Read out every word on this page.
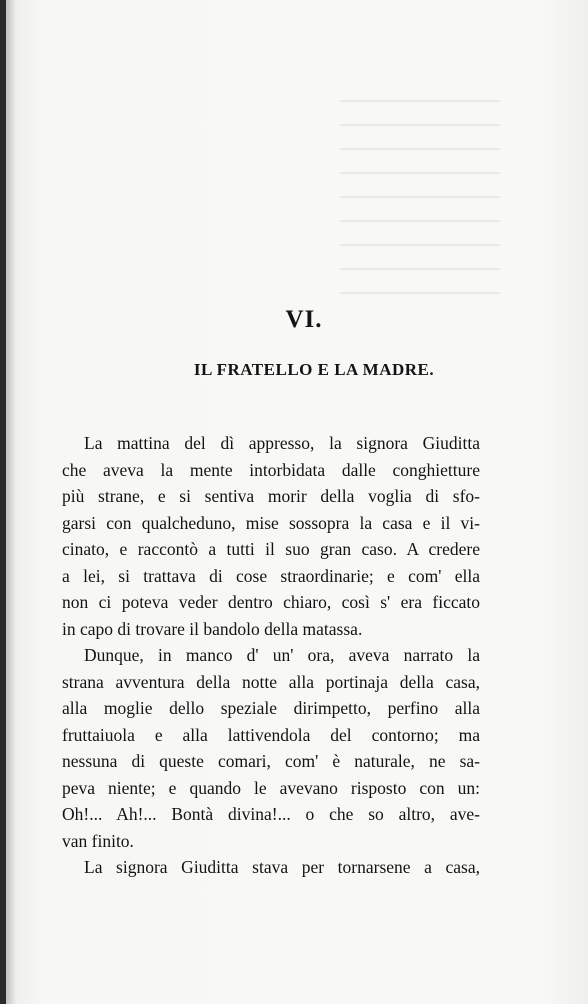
VI.
IL FRATELLO E LA MADRE.

La mattina del dì appresso, la signora Giuditta
che aveva la mente intorbidata dalle conghietture
più strane, e si sentiva morir della voglia di sfo-
garsi con qualcheduno, mise sossopra la casa e il vi-
cinato, e raccontò a tutti il suo gran caso. A credere
a lei, si trattava di cose straordinarie; e com' ella
non ci poteva veder dentro chiaro, così s' era ficcato
in capo di trovare il bandolo della matassa.

Dunque, in manco d' un' ora, aveva narrato la
strana avventura della notte alla portinaja della casa,
alla moglie dello speziale dirimpetto, perfino alla
fruttaiuola e alla lattivendola del contorno; ma
nessuna di queste comari, com' è naturale, ne sa-
peva niente; e quando le avevano risposto con un:
Oh!... Ah!... Bontà divina!... o che so altro, ave-
van finito.

La signora Giuditta stava per tornarsene a casa,
